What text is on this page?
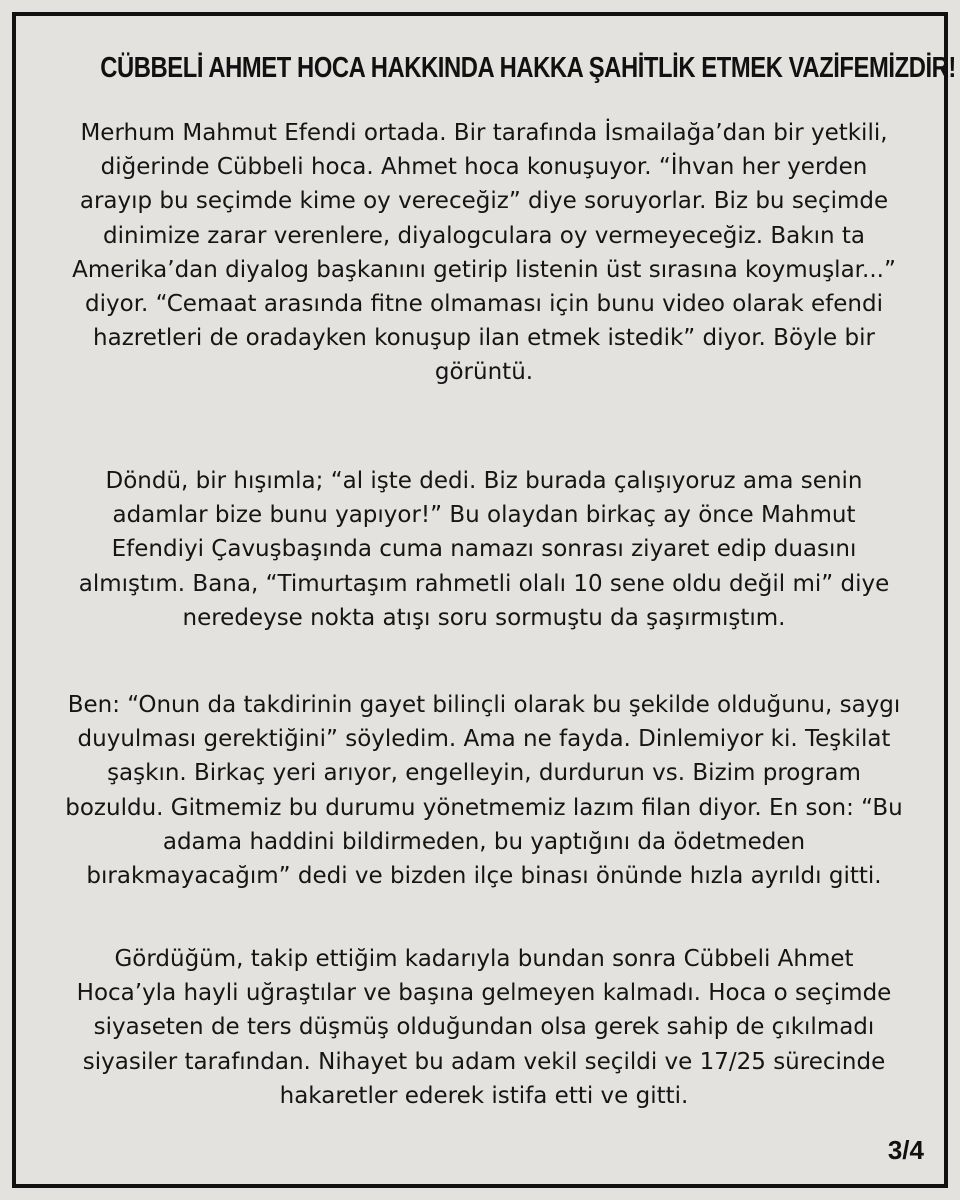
CÜBBELİ AHMET HOCA HAKKINDA HAKKA ŞAHİTLİK ETMEK VAZİFEMİZDİR!

Merhum Mahmut Efendi ortada. Bir tarafında İsmailağa’dan bir yetkili,
diğerinde Cübbeli hoca. Ahmet hoca konuşuyor. “İhvan her yerden
arayıp bu seçimde kime oy vereceğiz” diye soruyorlar. Biz bu seçimde
dinimize zarar verenlere, diyalogculara oy vermeyeceğiz. Bakın ta
Amerika’dan diyalog başkanını getirip listenin üst sırasına koymuşlar...”
diyor. “Cemaat arasında fitne olmaması için bunu video olarak efendi
hazretleri de oradayken konuşup ilan etmek istedik” diyor. Böyle bir
görüntü.

Döndü, bir hışımla; “al işte dedi. Biz burada çalışıyoruz ama senin
adamlar bize bunu yapıyor!” Bu olaydan birkaç ay önce Mahmut
Efendiyi Çavuşbaşında cuma namazı sonrası ziyaret edip duasını
almıştım. Bana, “Timurtaşım rahmetli olalı 10 sene oldu değil mi” diye
neredeyse nokta atışı soru sormuştu da şaşırmıştım.

Ben: “Onun da takdirinin gayet bilinçli olarak bu şekilde olduğunu, saygı
duyulması gerektiğini” söyledim. Ama ne fayda. Dinlemiyor ki. Teşkilat
şaşkın. Birkaç yeri arıyor, engelleyin, durdurun vs. Bizim program
bozuldu. Gitmemiz bu durumu yönetmemiz lazım filan diyor. En son: “Bu
adama haddini bildirmeden, bu yaptığını da ödetmeden
bırakmayacağım” dedi ve bizden ilçe binası önünde hızla ayrıldı gitti.

Gördüğüm, takip ettiğim kadarıyla bundan sonra Cübbeli Ahmet
Hoca’yla hayli uğraştılar ve başına gelmeyen kalmadı. Hoca o seçimde
siyaseten de ters düşmüş olduğundan olsa gerek sahip de çıkılmadı
siyasiler tarafından. Nihayet bu adam vekil seçildi ve 17/25 sürecinde
hakaretler ederek istifa etti ve gitti.

3/4
